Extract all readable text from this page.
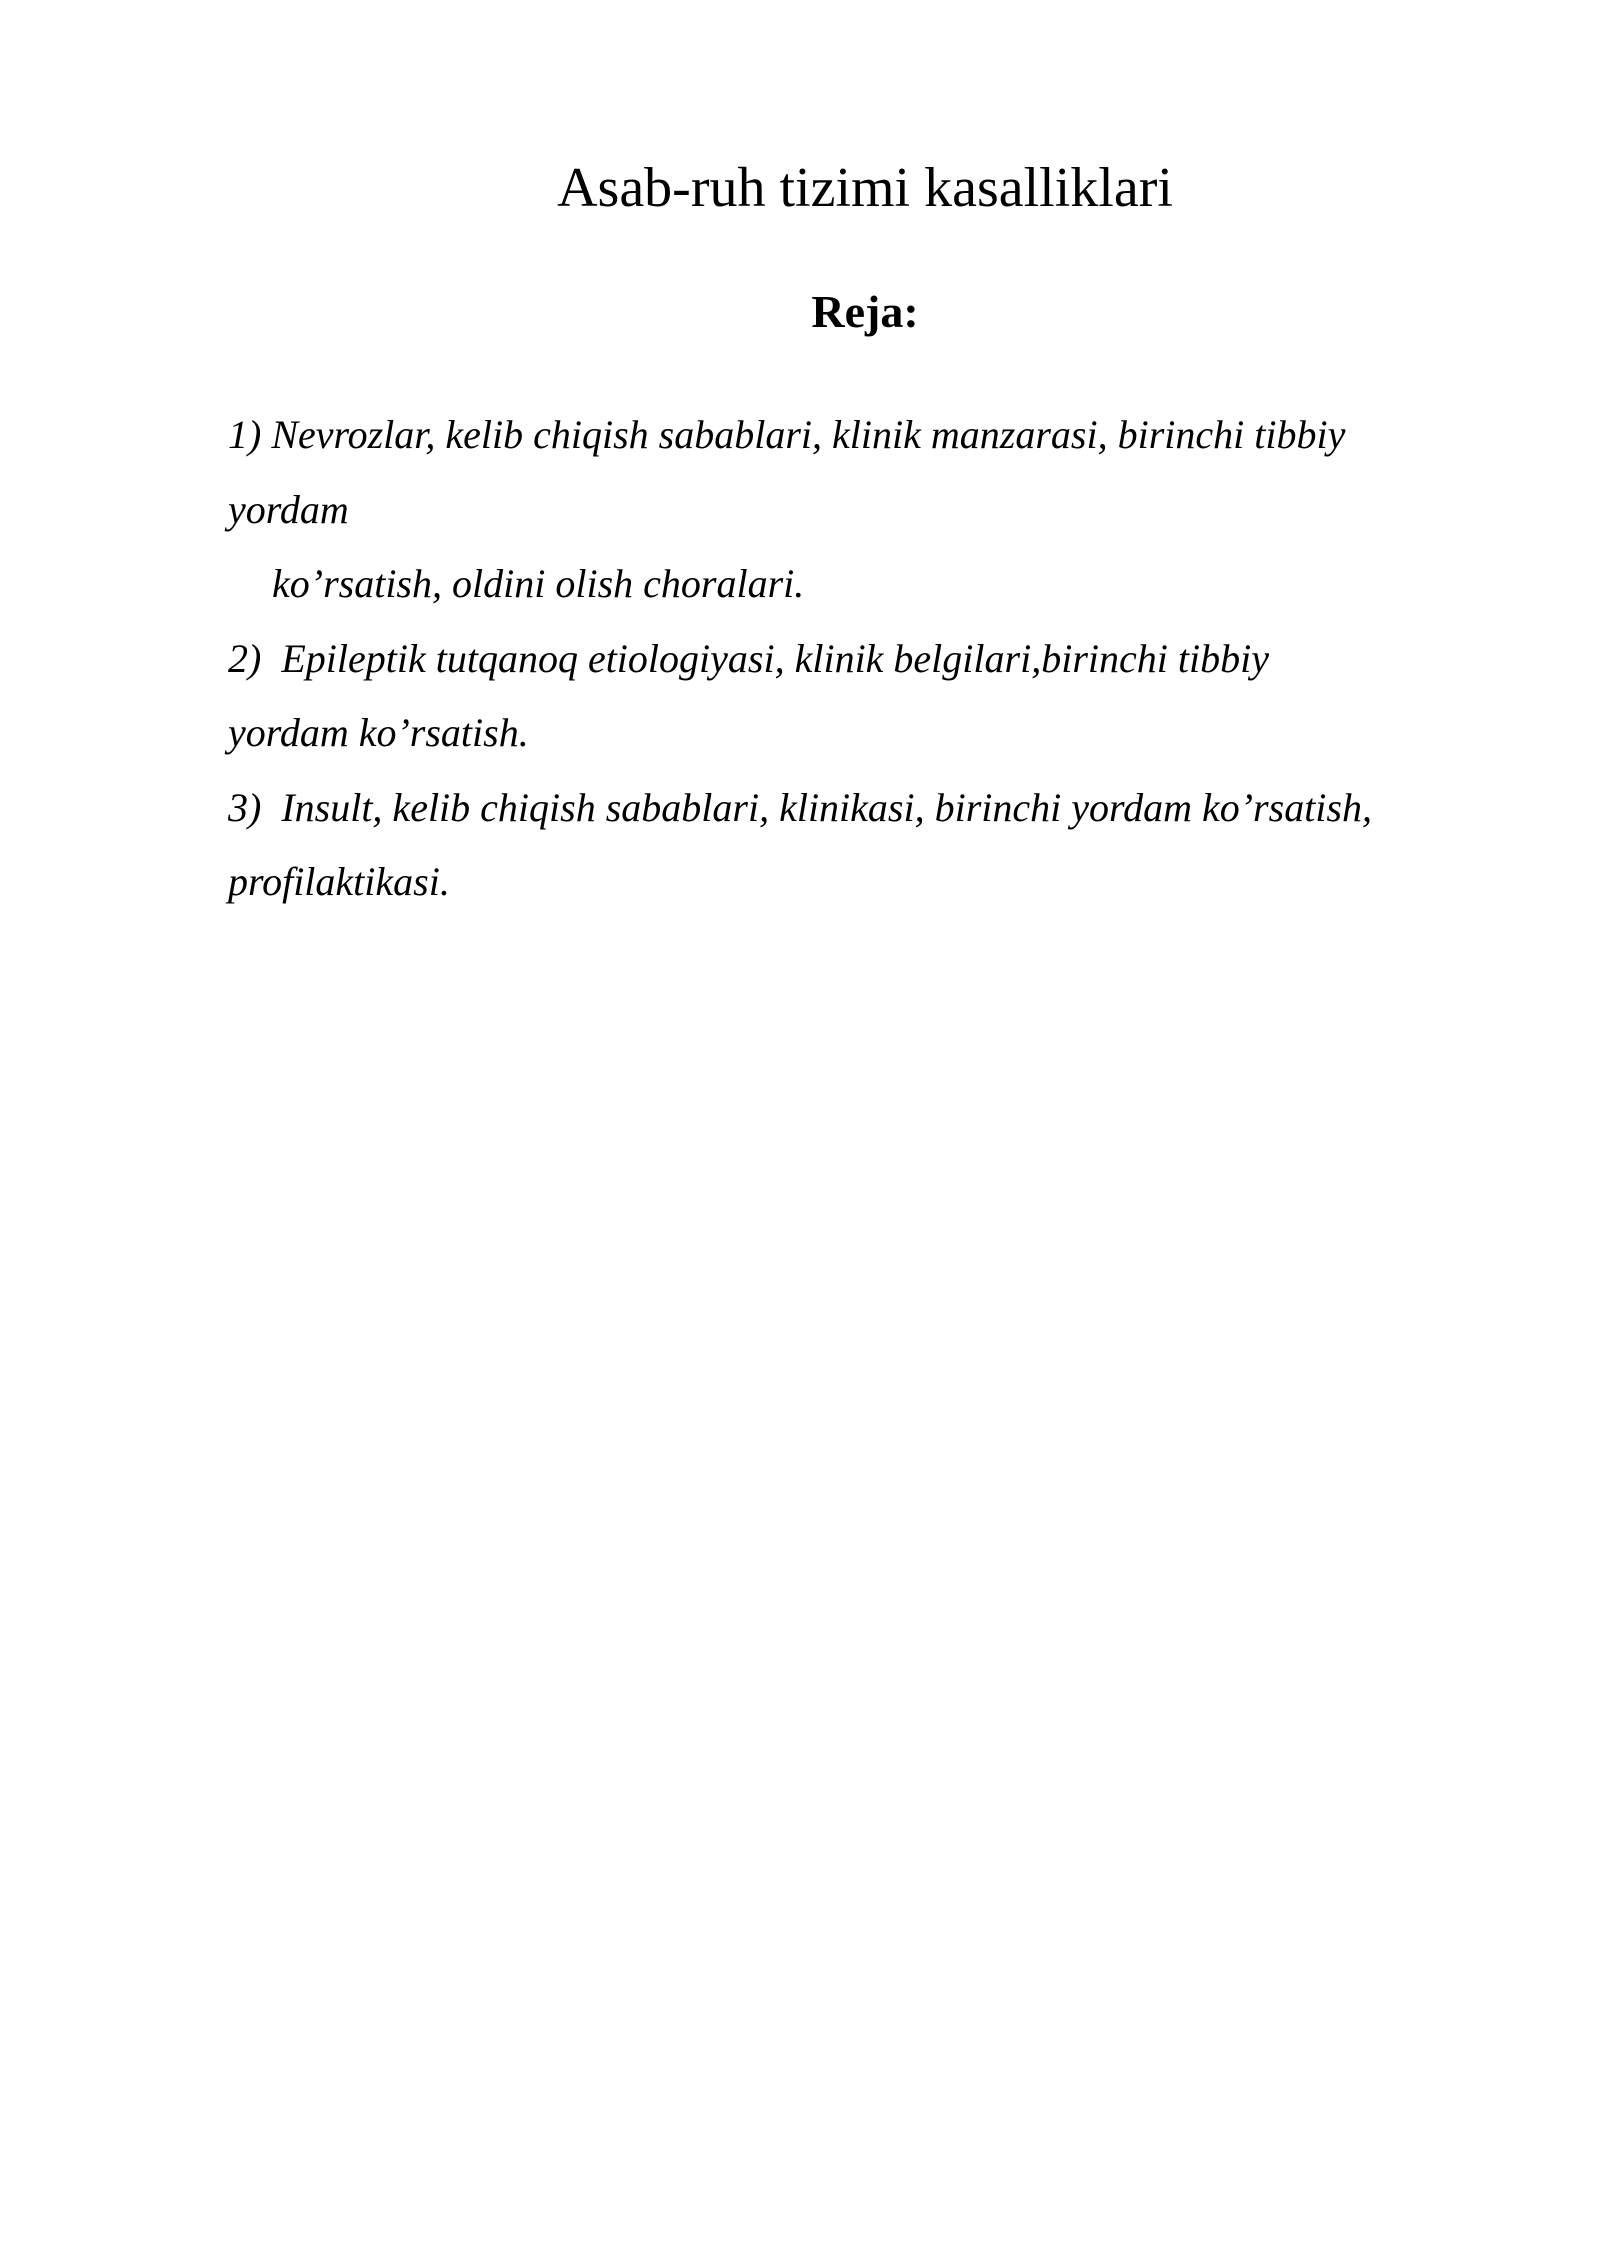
Asab-ruh tizimi kasalliklari
Reja:
1) Nevrozlar, kelib chiqish sabablari, klinik manzarasi, birinchi tibbiy
yordam
ko’rsatish, oldini olish choralari.
2)  Epileptik tutqanoq etiologiyasi, klinik belgilari,birinchi tibbiy
yordam ko’rsatish.
3)  Insult, kelib chiqish sabablari, klinikasi, birinchi yordam ko’rsatish,
profilaktikasi.
